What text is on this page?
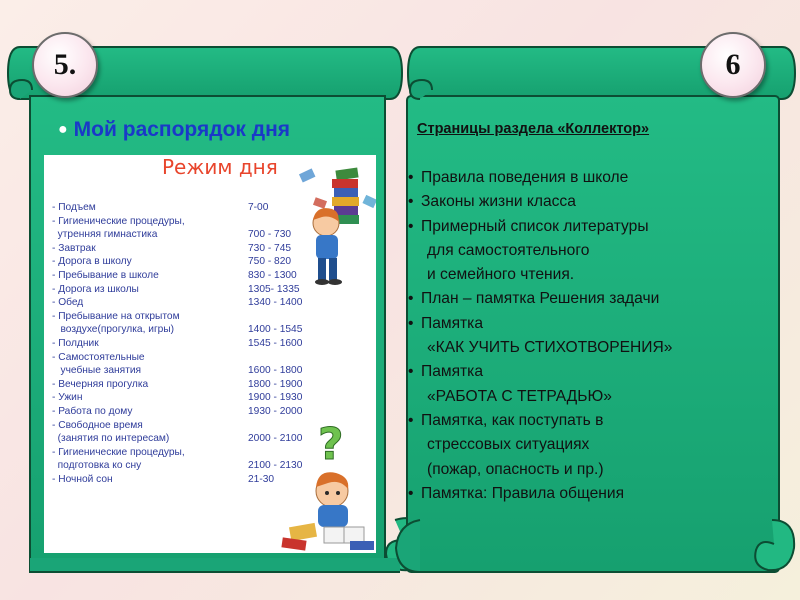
5.	6
● Мой распорядок дня
Режим дня
- Подъем	7-00
- Гигиенические процедуры,
утренняя гимнастика	700 - 730
- Завтрак	730 - 745
- Дорога в школу	750 - 820
- Пребывание в школе	830 - 1300
- Дорога из школы	1305- 1335
- Обед	1340 - 1400
- Пребывание на открытом
воздухе(прогулка, игры)	1400 - 1545
- Полдник	1545 - 1600
- Самостоятельные
учебные занятия	1600 - 1800
- Вечерняя прогулка	1800 - 1900
- Ужин	1900 - 1930
- Работа по дому	1930 - 2000
- Свободное время
(занятия по интересам)	2000 - 2100
- Гигиенические процедуры,
подготовка ко сну	2100 - 2130
- Ночной сон	21-30
?
Страницы раздела «Коллектор»
• Правила поведения в школе
• Законы жизни класса
• Примерный список литературы
для самостоятельного
и семейного чтения.
• План – памятка Решения задачи
• Памятка
«КАК УЧИТЬ СТИХОТВОРЕНИЯ»
• Памятка
«РАБОТА С ТЕТРАДЬЮ»
• Памятка, как поступать в
стрессовых ситуациях
(пожар, опасность и пр.)
• Памятка: Правила общения
